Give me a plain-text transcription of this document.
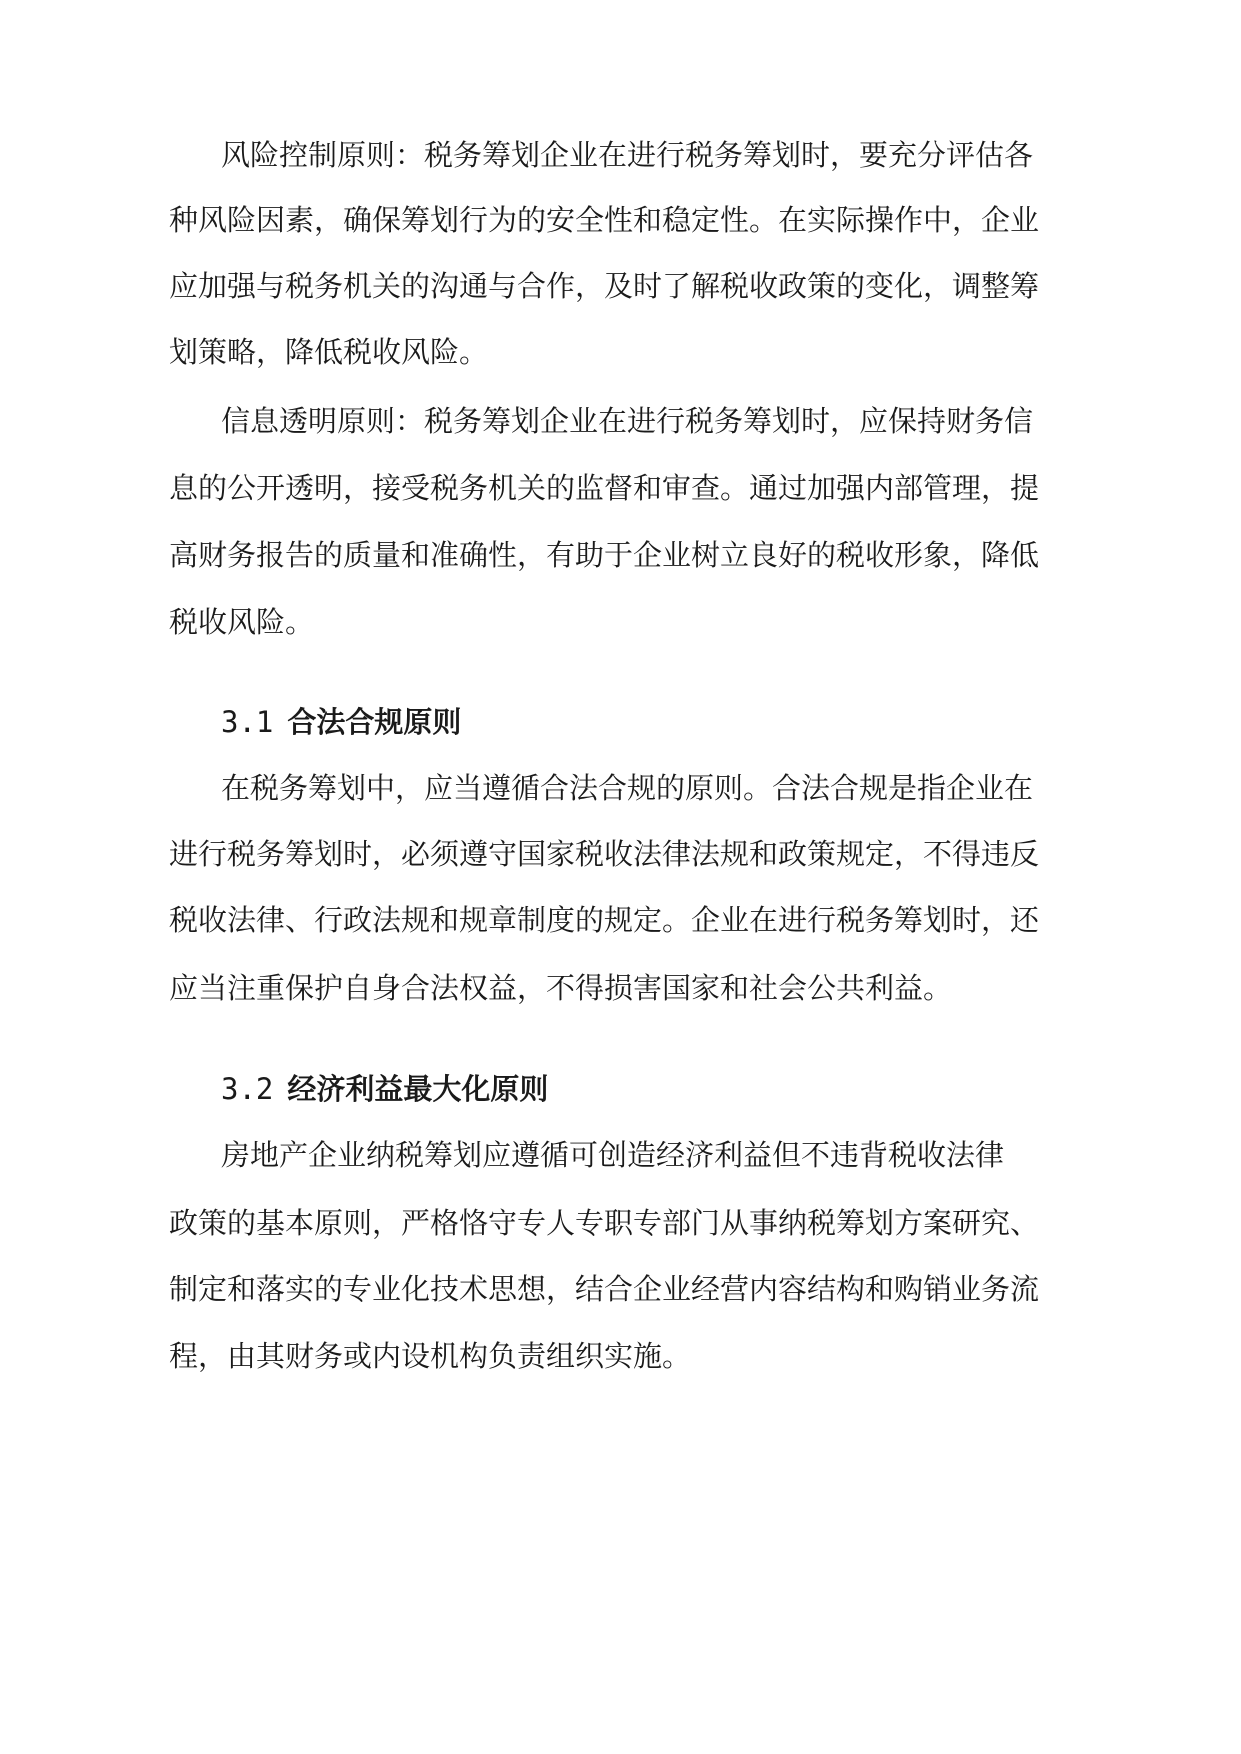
风险控制原则：税务筹划企业在进行税务筹划时，要充分评估各
种风险因素，确保筹划行为的安全性和稳定性。在实际操作中，企业
应加强与税务机关的沟通与合作，及时了解税收政策的变化，调整筹
划策略，降低税收风险。
信息透明原则：税务筹划企业在进行税务筹划时，应保持财务信
息的公开透明，接受税务机关的监督和审查。通过加强内部管理，提
高财务报告的质量和准确性，有助于企业树立良好的税收形象，降低
税收风险。
3.1 合法合规原则
在税务筹划中，应当遵循合法合规的原则。合法合规是指企业在
进行税务筹划时，必须遵守国家税收法律法规和政策规定，不得违反
税收法律、行政法规和规章制度的规定。企业在进行税务筹划时，还
应当注重保护自身合法权益，不得损害国家和社会公共利益。
3.2 经济利益最大化原则
房地产企业纳税筹划应遵循可创造经济利益但不违背税收法律
政策的基本原则，严格恪守专人专职专部门从事纳税筹划方案研究、
制定和落实的专业化技术思想，结合企业经营内容结构和购销业务流
程，由其财务或内设机构负责组织实施。
